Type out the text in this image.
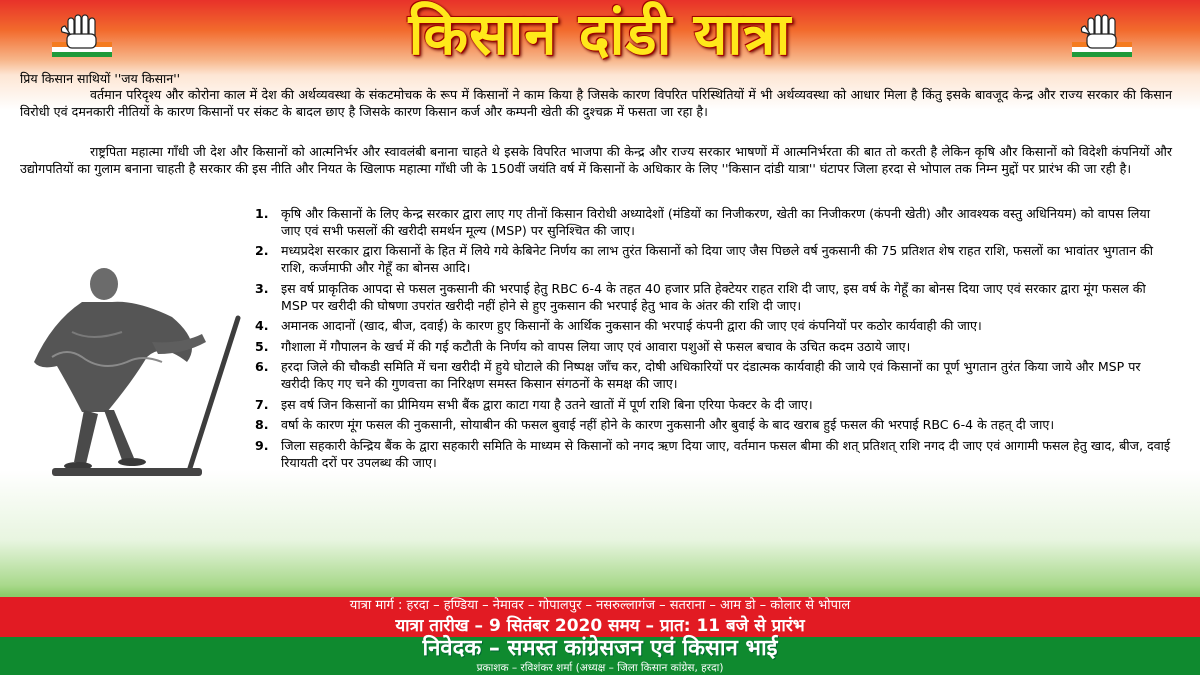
किसान दांडी यात्रा
प्रिय किसान साथियों ''जय किसान''

वर्तमान परिदृश्य और कोरोना काल में देश की अर्थव्यवस्था के संकटमोचक के रूप में किसानों ने काम किया है जिसके कारण विपरित परिस्थितियों में भी अर्थव्यवस्था को आधार मिला है किंतु इसके बावजूद केन्द्र और राज्य सरकार की किसान विरोधी एवं दमनकारी नीतियों के कारण किसानों पर संकट के बादल छाए है जिसके कारण किसान कर्ज और कम्पनी खेती की दुश्चक्र में फसता जा रहा है।

राष्ट्रपिता महात्मा गाँधी जी देश और किसानों को आत्मनिर्भर और स्वावलंबी बनाना चाहते थे इसके विपरित भाजपा की केन्द्र और राज्य सरकार भाषणों में आत्मनिर्भरता की बात तो करती है लेकिन कृषि और किसानों को विदेशी कंपनियों और उद्योगपतियों का गुलाम बनाना चाहती है सरकार की इस नीति और नियत के खिलाफ महात्मा गाँधी जी के 150वीं जयंति वर्ष में किसानों के अधिकार के लिए ''किसान दांडी यात्रा'' घंटापर जिला हरदा से भोपाल तक निम्न मुद्दों पर प्रारंभ की जा रही है।

1. कृषि और किसानों के लिए केन्द्र सरकार द्वारा लाए गए तीनों किसान विरोधी अध्यादेशों (मंडियों का निजीकरण, खेती का निजीकरण (कंपनी खेती) और आवश्यक वस्तु अधिनियम) को वापस लिया जाए एवं सभी फसलों की खरीदी समर्थन मूल्य (MSP) पर सुनिश्चित की जाए।
2. मध्यप्रदेश सरकार द्वारा किसानों के हित में लिये गये केबिनेट निर्णय का लाभ तुरंत किसानों को दिया जाए जैस पिछले वर्ष नुकसानी की 75 प्रतिशत शेष राहत राशि, फसलों का भावांतर भुगतान की राशि, कर्जमाफी और गेहूँ का बोनस आदि।
3. इस वर्ष प्राकृतिक आपदा से फसल नुकसानी की भरपाई हेतु RBC 6-4 के तहत 40 हजार प्रति हेक्टेयर राहत राशि दी जाए, इस वर्ष के गेहूँ का बोनस दिया जाए एवं सरकार द्वारा मूंग फसल की MSP पर खरीदी की घोषणा उपरांत खरीदी नहीं होने से हुए नुकसान की भरपाई हेतु भाव के अंतर की राशि दी जाए।
4. अमानक आदानों (खाद, बीज, दवाई) के कारण हुए किसानों के आर्थिक नुकसान की भरपाई कंपनी द्वारा की जाए एवं कंपनियों पर कठोर कार्यवाही की जाए।
5. गौशाला में गौपालन के खर्च में की गई कटौती के निर्णय को वापस लिया जाए एवं आवारा पशुओं से फसल बचाव के उचित कदम उठाये जाए।
6. हरदा जिले की चौकडी समिति में चना खरीदी में हुये घोटाले की निष्पक्ष जाँच कर, दोषी अधिकारियों पर दंडात्मक कार्यवाही की जाये एवं किसानों का पूर्ण भुगतान तुरंत किया जाये और MSP पर खरीदी किए गए चने की गुणवत्ता का निरिक्षण समस्त किसान संगठनों के समक्ष की जाए।
7. इस वर्ष जिन किसानों का प्रीमियम सभी बैंक द्वारा काटा गया है उतने खातों में पूर्ण राशि बिना एरिया फेक्टर के दी जाए।
8. वर्षा के कारण मूंग फसल की नुकसानी, सोयाबीन की फसल बुवाई नहीं होने के कारण नुकसानी और बुवाई के बाद खराब हुई फसल की भरपाई RBC 6-4 के तहत् दी जाए।
9. जिला सहकारी केन्द्रिय बैंक के द्वारा सहकारी समिति के माध्यम से किसानों को नगद ऋण दिया जाए, वर्तमान फसल बीमा की शत् प्रतिशत् राशि नगद दी जाए एवं आगामी फसल हेतु खाद, बीज, दवाई रियायती दरों पर उपलब्ध की जाए।
यात्रा मार्ग : हरदा – हण्डिया – नेमावर – गोपालपुर – नसरुल्लागंज – सतराना – आम डो – कोलार से भोपाल
यात्रा तारीख – 9 सितंबर 2020 समय – प्रात: 11 बजे से प्रारंभ
निवेदक – समस्त कांग्रेसजन एवं किसान भाई
प्रकाशक – रविशंकर शर्मा (अध्यक्ष – जिला किसान कांग्रेस, हरदा)
